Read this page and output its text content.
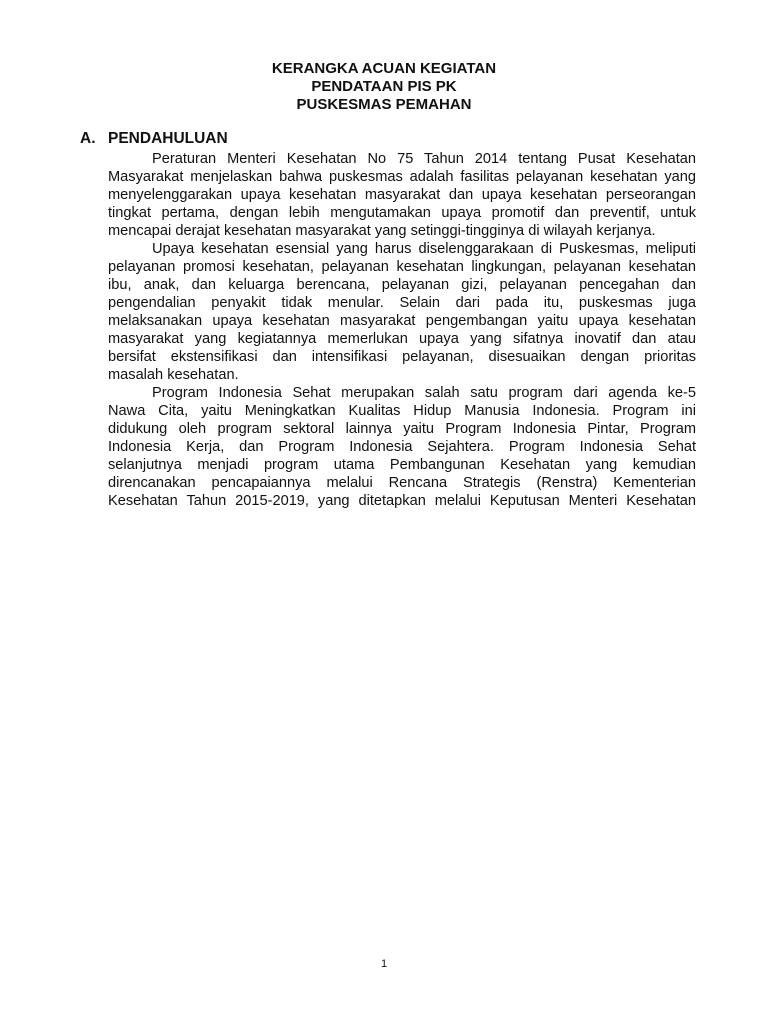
KERANGKA ACUAN KEGIATAN
PENDATAAN PIS PK
PUSKESMAS PEMAHAN
A. PENDAHULUAN
Peraturan Menteri Kesehatan No 75 Tahun 2014 tentang Pusat Kesehatan
Masyarakat menjelaskan bahwa puskesmas adalah fasilitas pelayanan kesehatan yang
menyelenggarakan upaya kesehatan masyarakat dan upaya kesehatan perseorangan
tingkat pertama, dengan lebih mengutamakan upaya promotif dan preventif, untuk
mencapai derajat kesehatan masyarakat yang setinggi-tingginya di wilayah kerjanya.
Upaya kesehatan esensial yang harus diselenggarakaan di Puskesmas, meliputi
pelayanan promosi kesehatan, pelayanan kesehatan lingkungan, pelayanan kesehatan
ibu, anak, dan keluarga berencana, pelayanan gizi, pelayanan pencegahan dan
pengendalian penyakit tidak menular. Selain dari pada itu, puskesmas juga
melaksanakan upaya kesehatan masyarakat pengembangan yaitu upaya kesehatan
masyarakat yang kegiatannya memerlukan upaya yang sifatnya inovatif dan atau
bersifat ekstensifikasi dan intensifikasi pelayanan, disesuaikan dengan prioritas
masalah kesehatan.
Program Indonesia Sehat merupakan salah satu program dari agenda ke-5
Nawa Cita, yaitu Meningkatkan Kualitas Hidup Manusia Indonesia. Program ini
didukung oleh program sektoral lainnya yaitu Program Indonesia Pintar, Program
Indonesia Kerja, dan Program Indonesia Sejahtera. Program Indonesia Sehat
selanjutnya menjadi program utama Pembangunan Kesehatan yang kemudian
direncanakan pencapaiannya melalui Rencana Strategis (Renstra) Kementerian
Kesehatan Tahun 2015-2019, yang ditetapkan melalui Keputusan Menteri Kesehatan
1
